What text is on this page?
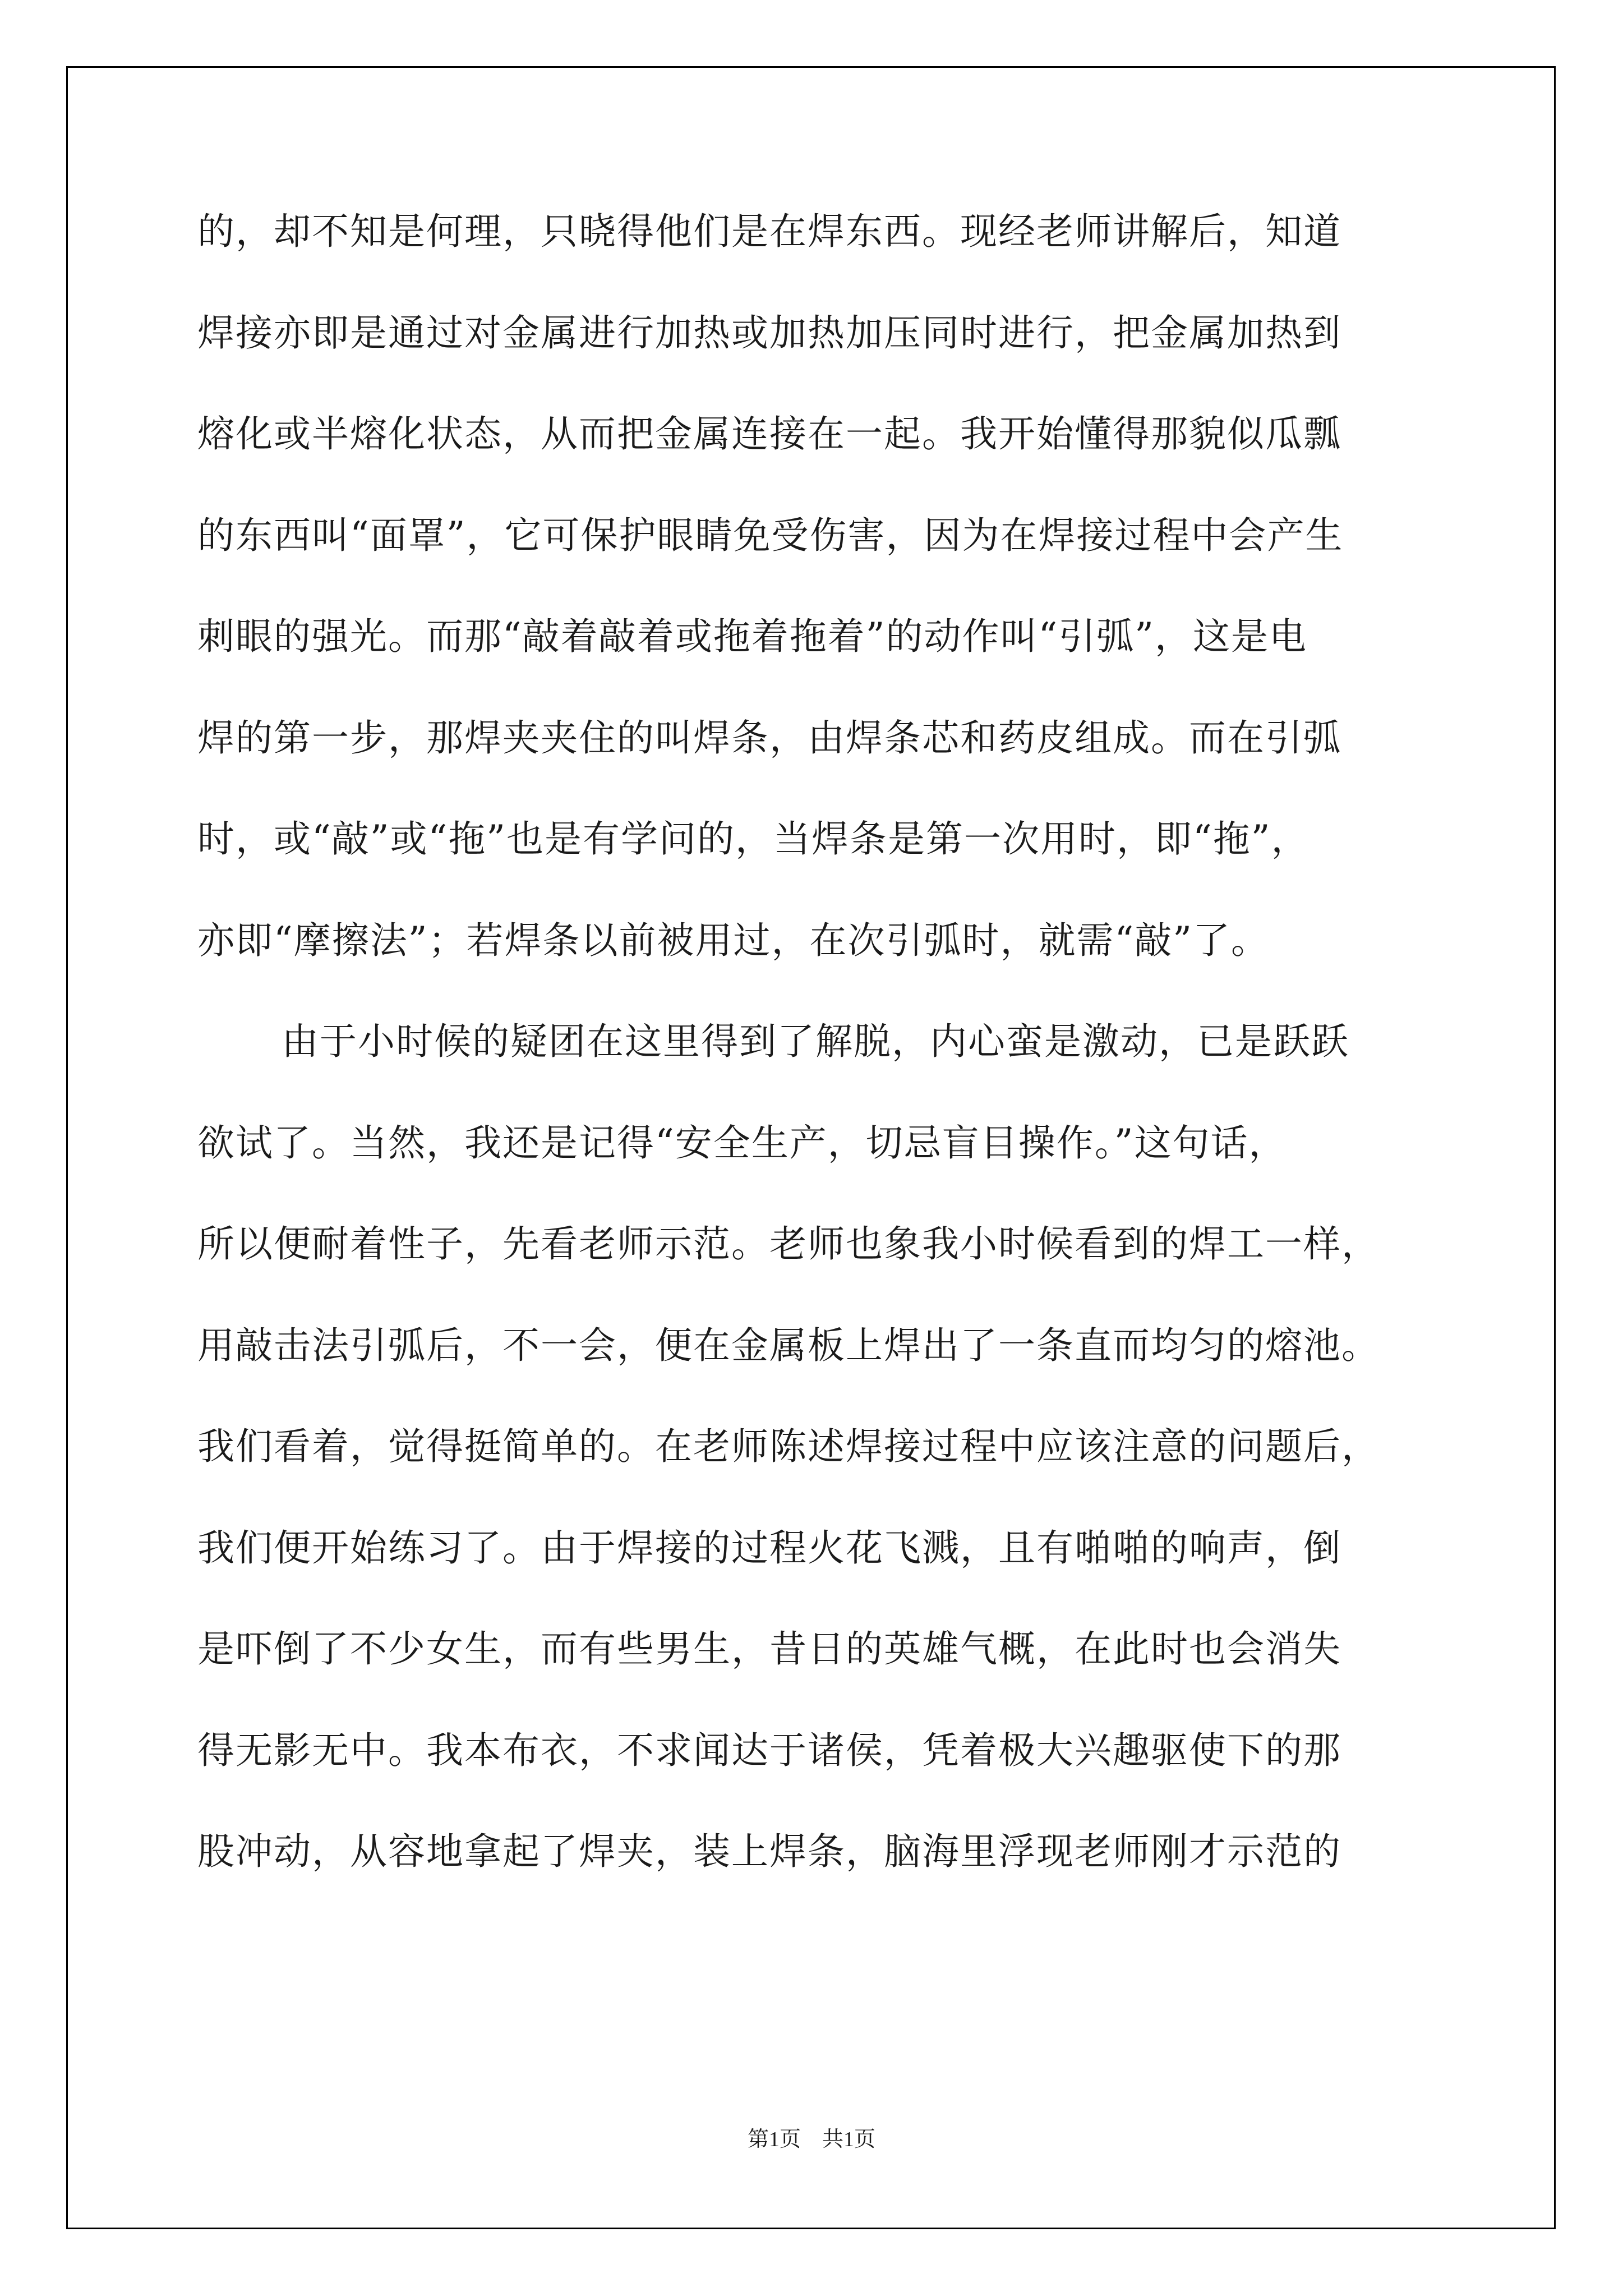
的，却不知是何理，只晓得他们是在焊东西。现经老师讲解后，知道
焊接亦即是通过对金属进行加热或加热加压同时进行，把金属加热到
熔化或半熔化状态，从而把金属连接在一起。我开始懂得那貌似瓜瓢
的东西叫“面罩”，它可保护眼睛免受伤害，因为在焊接过程中会产生
刺眼的强光。而那“敲着敲着或拖着拖着”的动作叫“引弧”，这是电
焊的第一步，那焊夹夹住的叫焊条，由焊条芯和药皮组成。而在引弧
时，或“敲”或“拖”也是有学问的，当焊条是第一次用时，即“拖”，
亦即“摩擦法”；若焊条以前被用过，在次引弧时，就需“敲”了。
由于小时候的疑团在这里得到了解脱，内心蛮是激动，已是跃跃
欲试了。当然，我还是记得“安全生产，切忌盲目操作。”这句话，
所以便耐着性子，先看老师示范。老师也象我小时候看到的焊工一样，
用敲击法引弧后，不一会，便在金属板上焊出了一条直而均匀的熔池。
我们看着，觉得挺简单的。在老师陈述焊接过程中应该注意的问题后，
我们便开始练习了。由于焊接的过程火花飞溅，且有啪啪的响声，倒
是吓倒了不少女生，而有些男生，昔日的英雄气概，在此时也会消失
得无影无中。我本布衣，不求闻达于诸侯，凭着极大兴趣驱使下的那
股冲动，从容地拿起了焊夹，装上焊条，脑海里浮现老师刚才示范的
第1页　共1页
